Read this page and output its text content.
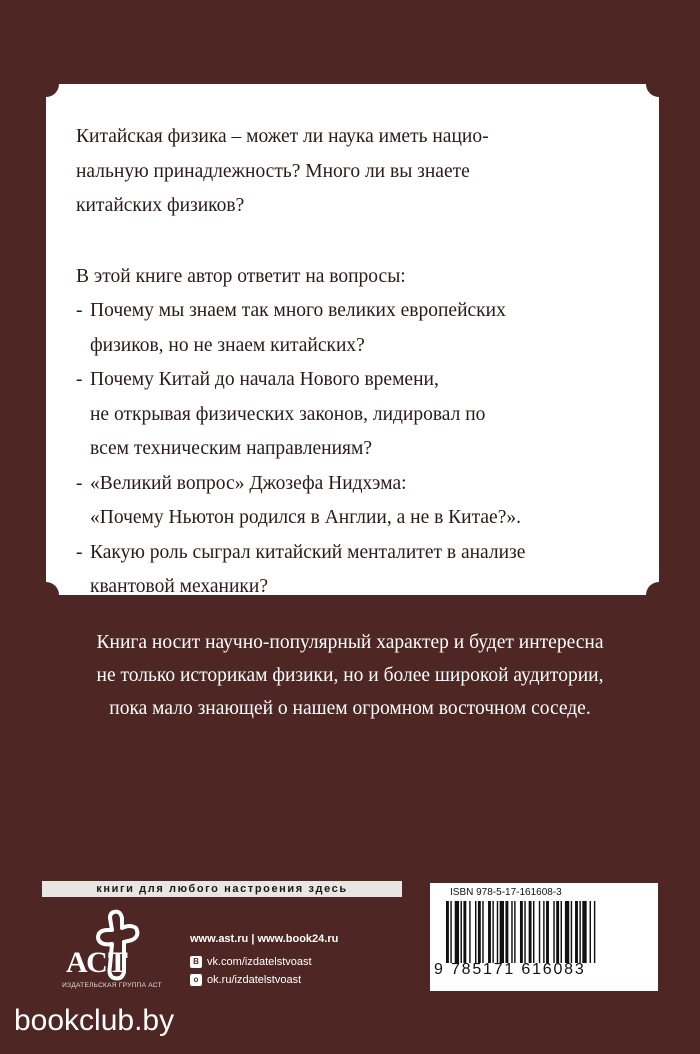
Китайская физика – может ли наука иметь нацио-

нальную принадлежность? Много ли вы знаете

китайских физиков?

В этой книге автор ответит на вопросы:

- Почему мы знаем так много великих европейских

физиков, но не знаем китайских?

- Почему Китай до начала Нового времени,

не открывая физических законов, лидировал по

всем техническим направлениям?

- «Великий вопрос» Джозефа Нидхэма:

«Почему Ньютон родился в Англии, а не в Китае?».

- Какую роль сыграл китайский менталитет в анализе

квантовой механики?

Книга носит научно-популярный характер и будет интересна

не только историкам физики, но и более широкой аудитории,

пока мало знающей о нашем огромном восточном соседе.

книги для любого настроения здесь
АСТ
ИЗДАТЕЛЬСКАЯ ГРУППА АСТ
www.ast.ru | www.book24.ru
B vk.com/izdatelstvoast
o ok.ru/izdatelstvoast
ISBN 978-5-17-161608-3
9 785171 616083
bookclub.by
